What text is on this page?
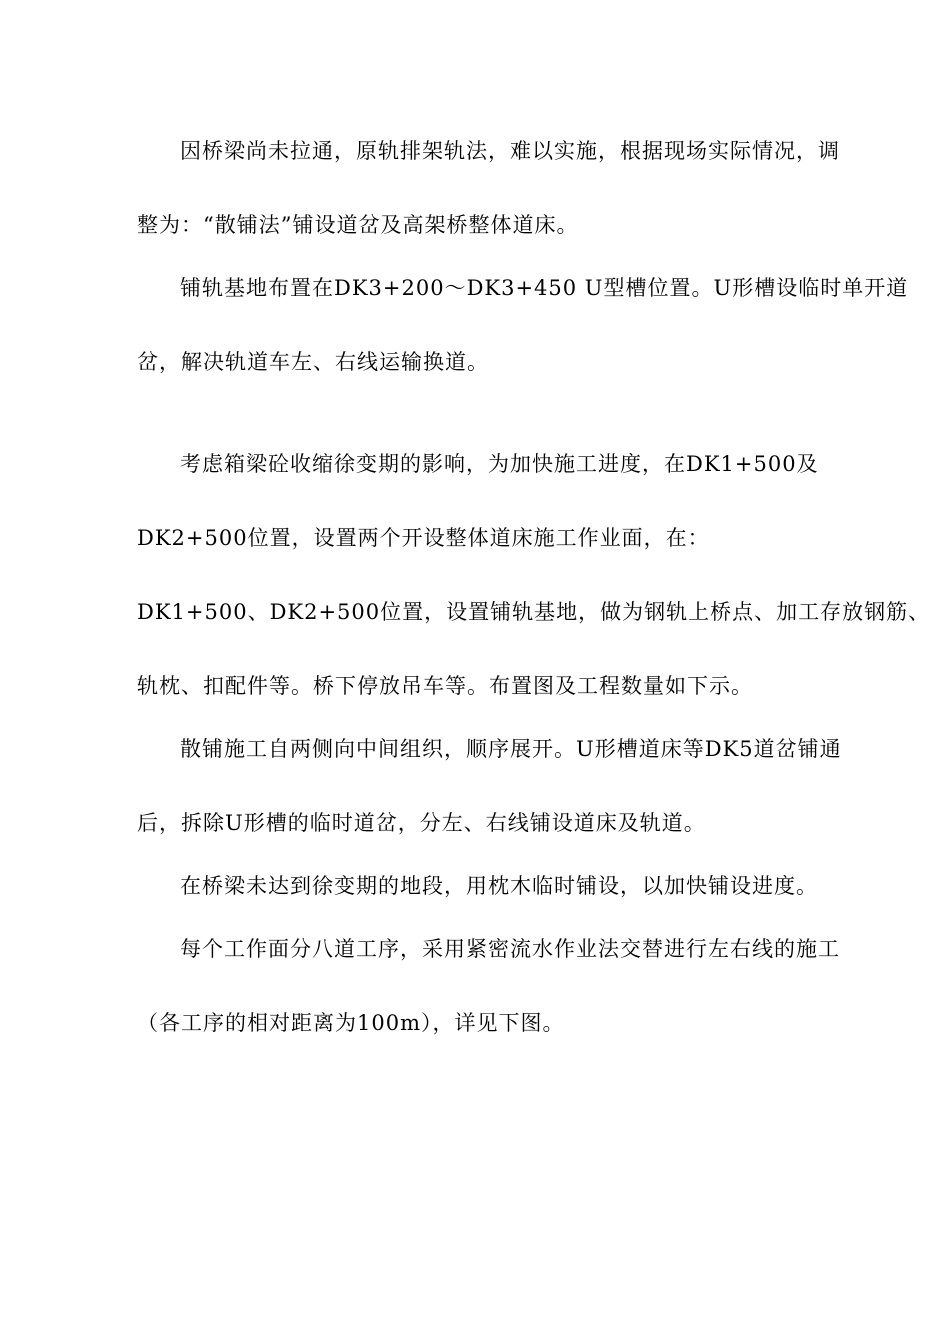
因桥梁尚未拉通，原轨排架轨法，难以实施，根据现场实际情况，调
整为：“散铺法”铺设道岔及高架桥整体道床。
铺轨基地布置在DK3+200～DK3+450 U型槽位置。U形槽设临时单开道
岔，解决轨道车左、右线运输换道。
考虑箱梁砼收缩徐变期的影响，为加快施工进度，在DK1+500及
DK2+500位置，设置两个开设整体道床施工作业面，在：
DK1+500、DK2+500位置，设置铺轨基地，做为钢轨上桥点、加工存放钢筋、
轨枕、扣配件等。桥下停放吊车等。布置图及工程数量如下示。
散铺施工自两侧向中间组织，顺序展开。U形槽道床等DK5道岔铺通
后，拆除U形槽的临时道岔，分左、右线铺设道床及轨道。
在桥梁未达到徐变期的地段，用枕木临时铺设，以加快铺设进度。
每个工作面分八道工序，采用紧密流水作业法交替进行左右线的施工
（各工序的相对距离为100m），详见下图。
